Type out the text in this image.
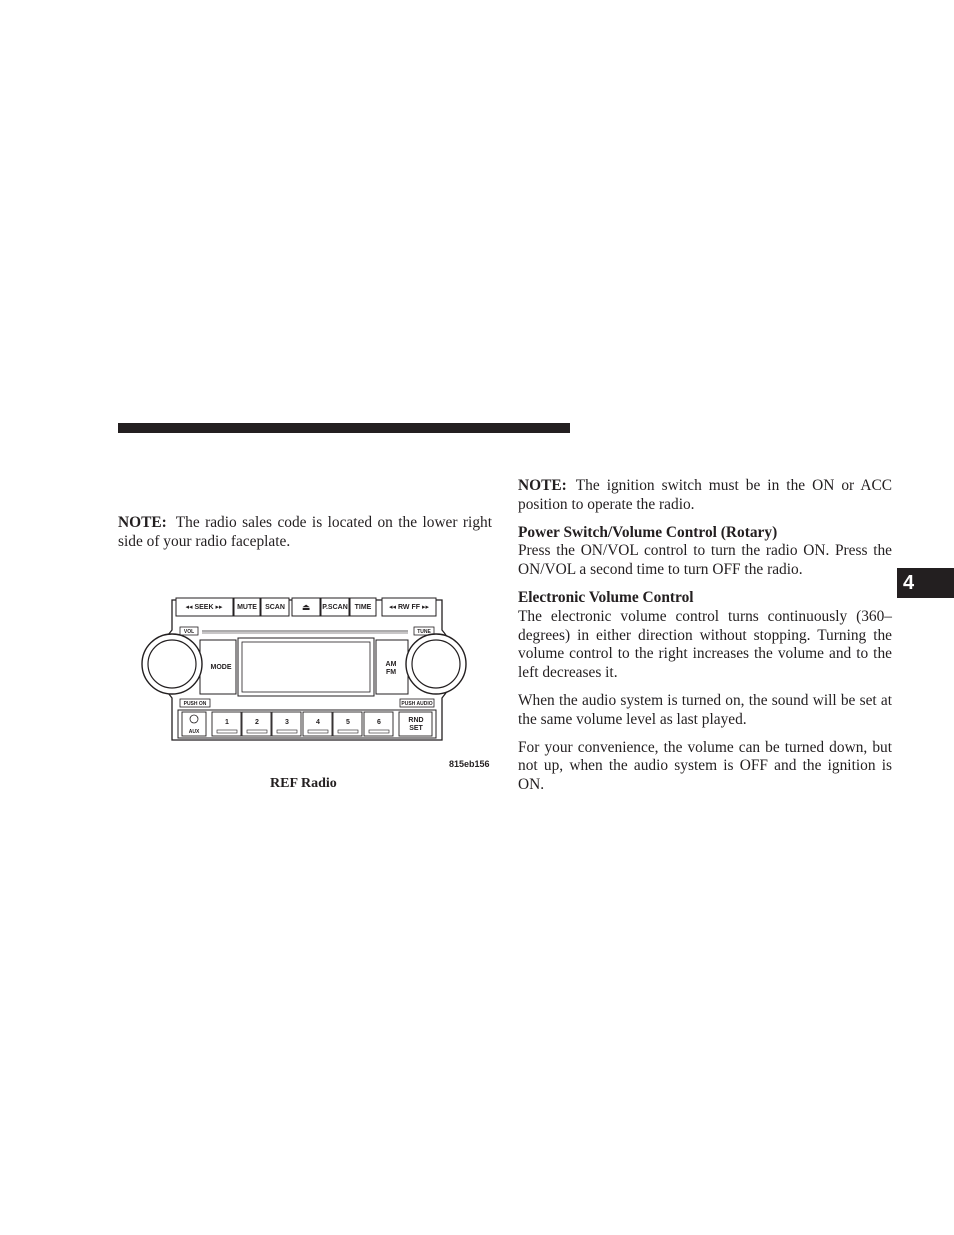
NOTE: The radio sales code is located on the lower right side of your radio faceplate.

◂◂ SEEK ▸▸ MUTE SCAN ⏏ P.SCAN TIME	◂◂ RW FF ▸▸
VOL	TUNE
MODE	AM
FM
PUSH ON	PUSH AUDIO
AUX
1	2	3	4	5	6	RND
SET
815eb156
REF Radio

NOTE: The ignition switch must be in the ON or ACC position to operate the radio.

Power Switch/Volume Control (Rotary)

Press the ON/VOL control to turn the radio ON. Press the ON/VOL a second time to turn OFF the radio.

Electronic Volume Control

The electronic volume control turns continuously (360–degrees) in either direction without stopping. Turning the volume control to the right increases the volume and to the left decreases it.

When the audio system is turned on, the sound will be set at the same volume level as last played.

For your convenience, the volume can be turned down, but not up, when the audio system is OFF and the ignition is ON.

4
